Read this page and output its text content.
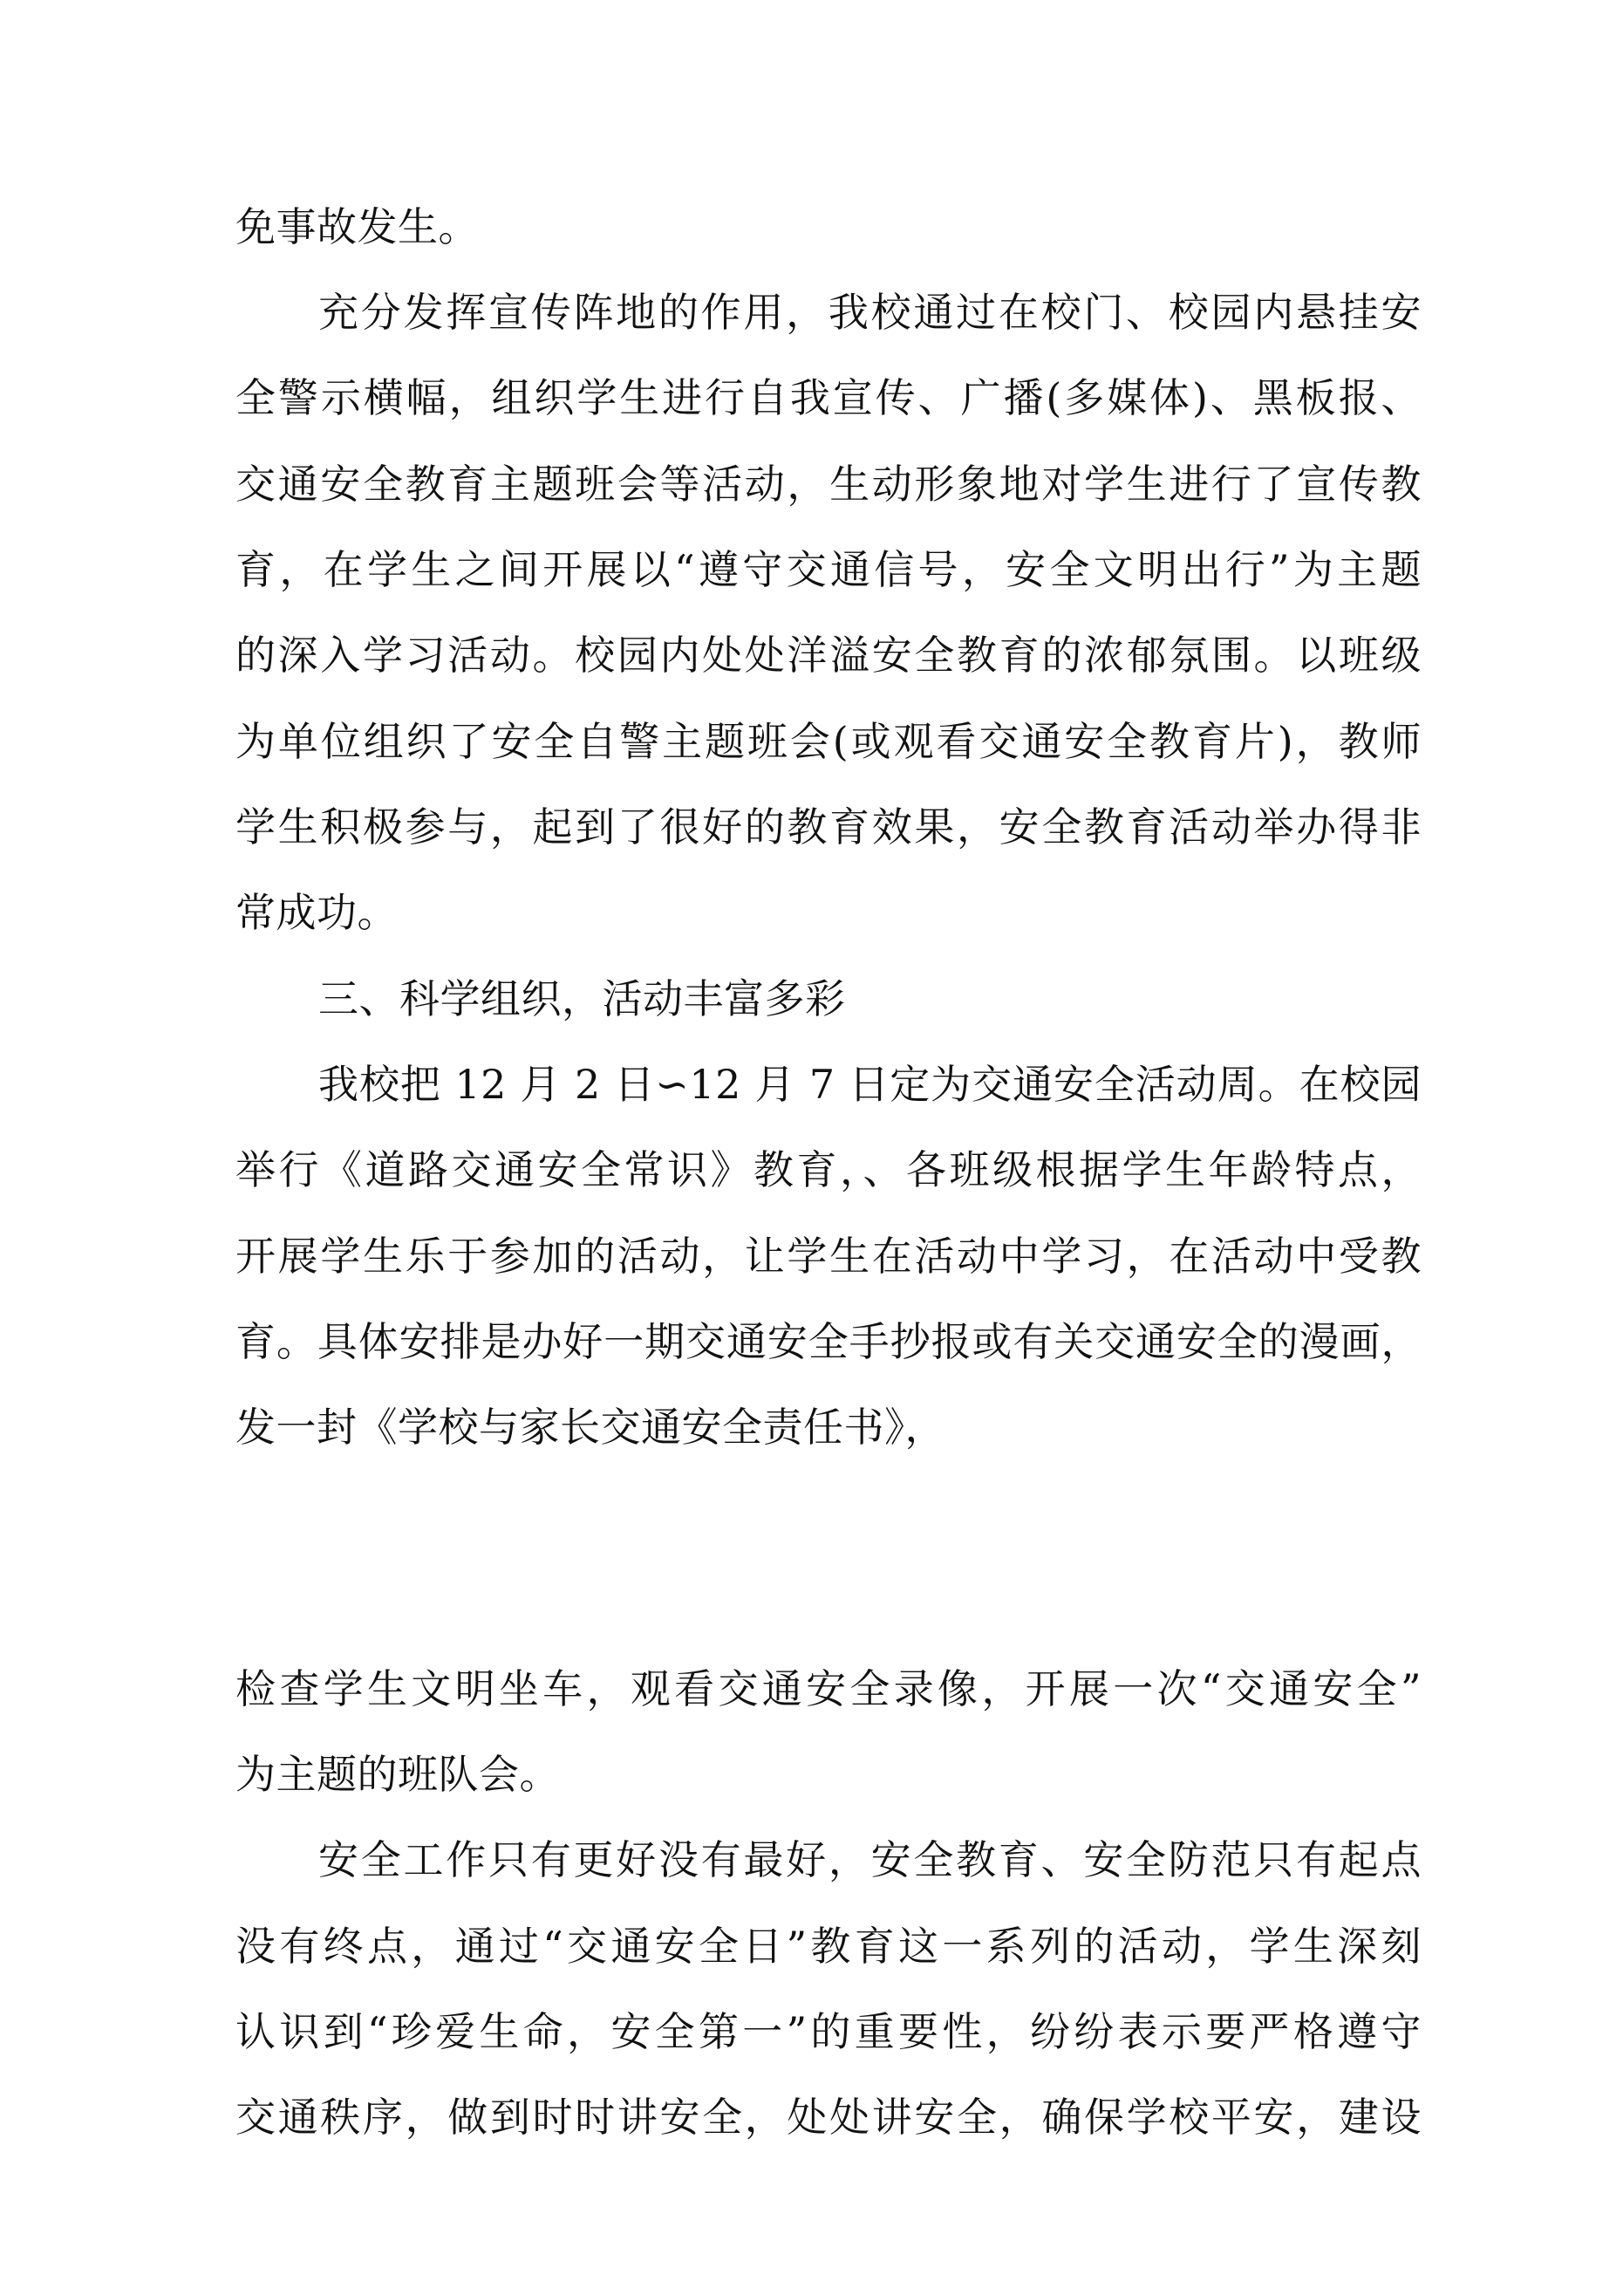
免事故发生。
充分发挥宣传阵地的作用，我校通过在校门、校园内悬挂安
全警示横幅，组织学生进行自我宣传、广播(多媒体)、黑板报、
交通安全教育主题班会等活动，生动形象地对学生进行了宣传教
育，在学生之间开展以“遵守交通信号，安全文明出行”为主题
的深入学习活动。校园内处处洋溢安全教育的浓郁氛围。以班级
为单位组织了安全自警主题班会(或观看交通安全教育片)，教师
学生积极参与，起到了很好的教育效果，安全教育活动举办得非
常成功。
三、科学组织，活动丰富多彩
我校把 12 月 2 日∽12 月 7 日定为交通安全活动周。在校园
举行《道路交通安全常识》教育，、各班级根据学生年龄特点，
开展学生乐于参加的活动，让学生在活动中学习，在活动中受教
育。具体安排是办好一期交通安全手抄报或有关交通安全的漫画，
发一封《学校与家长交通安全责任书》，
检查学生文明坐车，观看交通安全录像，开展一次“交通安全”
为主题的班队会。
安全工作只有更好没有最好，安全教育、安全防范只有起点
没有终点，通过“交通安全日”教育这一系列的活动，学生深刻
认识到“珍爱生命，安全第一”的重要性，纷纷表示要严格遵守
交通秩序，做到时时讲安全，处处讲安全，确保学校平安，建设
